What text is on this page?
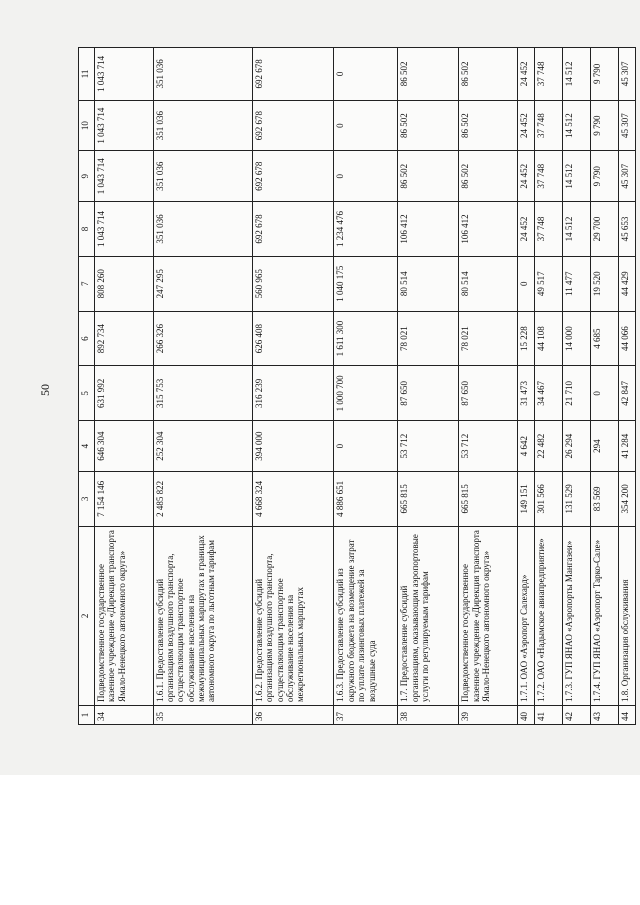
50
1	2	3	4	5	6	7	8	9	10	11
34	Подведомственное государственное казенное учреждение «Дирекция транспорта Ямало-Ненецкого автономного округа»	7 154 146	646 304	631 992	892 734	808 260	1 043 714	1 043 714	1 043 714	1 043 714
35	1.6.1. Предоставление субсидий организациям воздушного транспорта, осуществляющим транспортное обслуживание населения на межмуниципальных маршрутах в границах автономного округа по льготным тарифам	2 485 822	252 304	315 753	266 326	247 295	351 036	351 036	351 036	351 036
36	1.6.2. Предоставление субсидий организациям воздушного транспорта, осуществляющим транспортное обслуживание населения на межрегиональных маршрутах	4 668 324	394 000	316 239	626 408	560 965	692 678	692 678	692 678	692 678
37	1.6.3. Предоставление субсидий из окружного бюджета на возмещение затрат по уплате лизинговых платежей за воздушные суда	4 886 651	0	1 000 700	1 611 300	1 040 175	1 234 476	0	0	0
38	1.7. Предоставление субсидий организациям, оказывающим аэропортовые услуги по регулируемым тарифам	665 815	53 712	87 650	78 021	80 514	106 412	86 502	86 502	86 502
39	Подведомственное государственное казенное учреждение «Дирекция транспорта Ямало-Ненецкого автономного округа»	665 815	53 712	87 650	78 021	80 514	106 412	86 502	86 502	86 502
40	1.7.1. ОАО «Аэропорт Салехард»	149 151	4 642	31 473	15 228	0	24 452	24 452	24 452	24 452
41	1.7.2. ОАО «Надымское авиапредприятие»	301 566	22 482	34 467	44 108	49 517	37 748	37 748	37 748	37 748
42	1.7.3. ГУП ЯНАО «Аэропорты Мангазеи»	131 529	26 294	21 710	14 000	11 477	14 512	14 512	14 512	14 512
43	1.7.4. ГУП ЯНАО «Аэропорт Тарко-Сале»	83 569	294	0	4 685	19 520	29 700	9 790	9 790	9 790
44	1.8. Организация обслуживания	354 200	41 284	42 847	44 066	44 429	45 653	45 307	45 307	45 307
